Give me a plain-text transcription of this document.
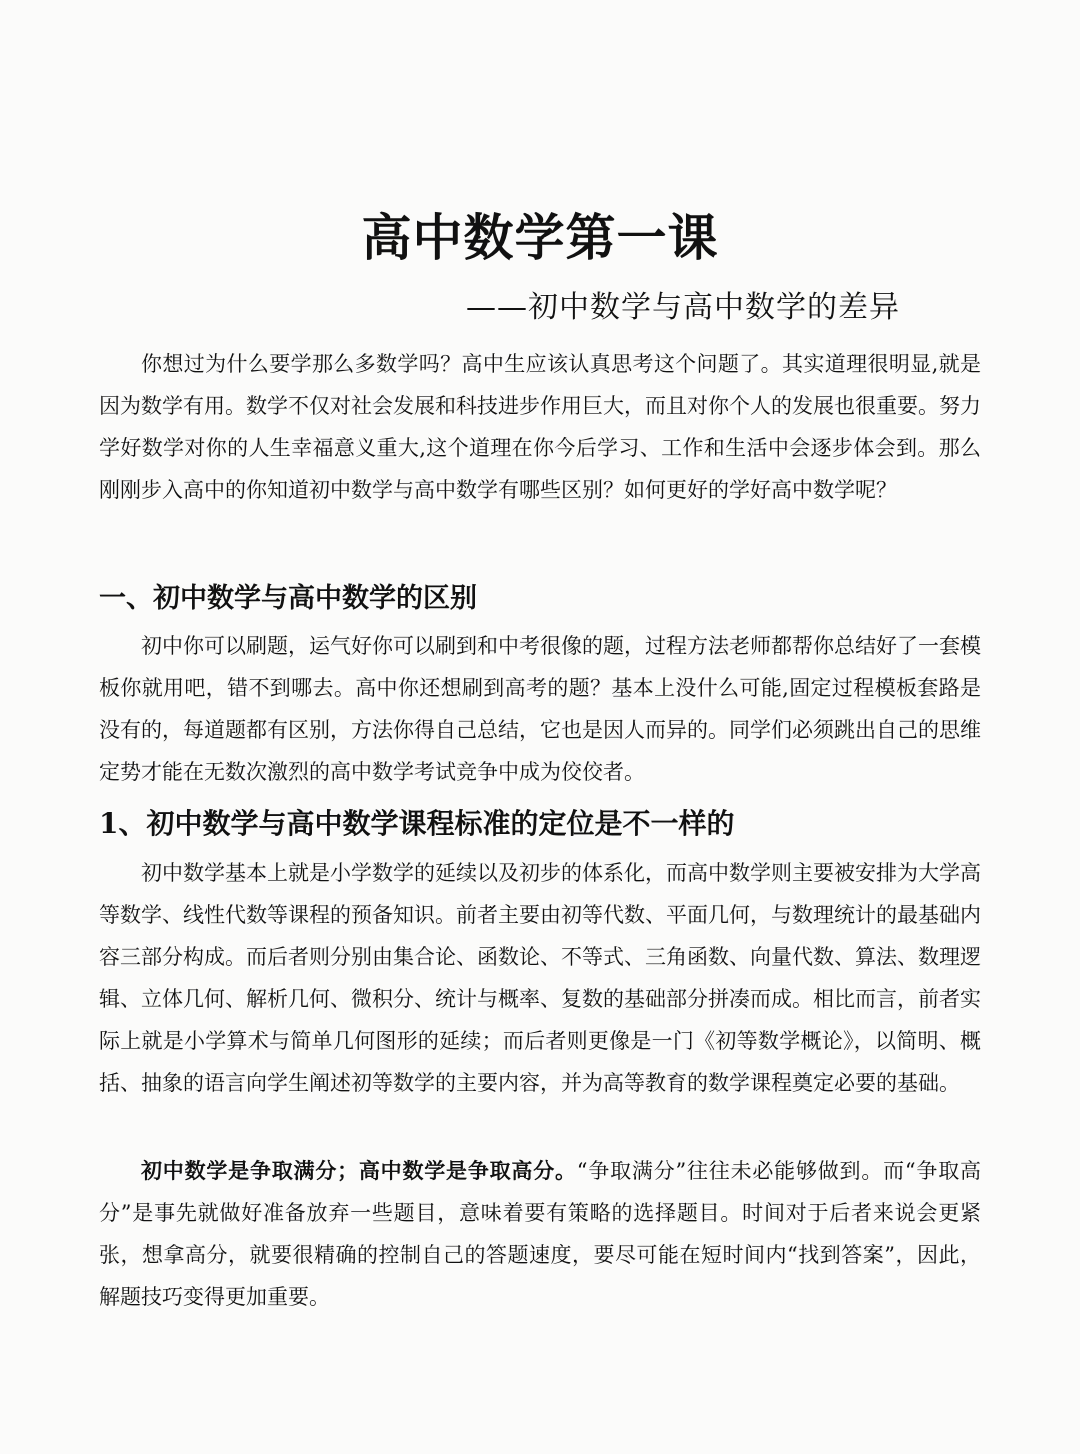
高中数学第一课
——初中数学与高中数学的差异

你想过为什么要学那么多数学吗？高中生应该认真思考这个问题了。其实道理很明显,就是因为数学有用。数学不仅对社会发展和科技进步作用巨大，而且对你个人的发展也很重要。努力学好数学对你的人生幸福意义重大,这个道理在你今后学习、工作和生活中会逐步体会到。那么刚刚步入高中的你知道初中数学与高中数学有哪些区别？如何更好的学好高中数学呢？

一、初中数学与高中数学的区别

初中你可以刷题，运气好你可以刷到和中考很像的题，过程方法老师都帮你总结好了一套模板你就用吧，错不到哪去。高中你还想刷到高考的题？基本上没什么可能,固定过程模板套路是没有的，每道题都有区别，方法你得自己总结，它也是因人而异的。同学们必须跳出自己的思维定势才能在无数次激烈的高中数学考试竞争中成为佼佼者。

1、初中数学与高中数学课程标准的定位是不一样的

初中数学基本上就是小学数学的延续以及初步的体系化，而高中数学则主要被安排为大学高等数学、线性代数等课程的预备知识。前者主要由初等代数、平面几何，与数理统计的最基础内容三部分构成。而后者则分别由集合论、函数论、不等式、三角函数、向量代数、算法、数理逻辑、立体几何、解析几何、微积分、统计与概率、复数的基础部分拼凑而成。相比而言，前者实际上就是小学算术与简单几何图形的延续；而后者则更像是一门《初等数学概论》，以简明、概括、抽象的语言向学生阐述初等数学的主要内容，并为高等教育的数学课程奠定必要的基础。

初中数学是争取满分；高中数学是争取高分。“争取满分”往往未必能够做到。而“争取高分”是事先就做好准备放弃一些题目，意味着要有策略的选择题目。时间对于后者来说会更紧张，想拿高分，就要很精确的控制自己的答题速度，要尽可能在短时间内“找到答案”，因此，解题技巧变得更加重要。
